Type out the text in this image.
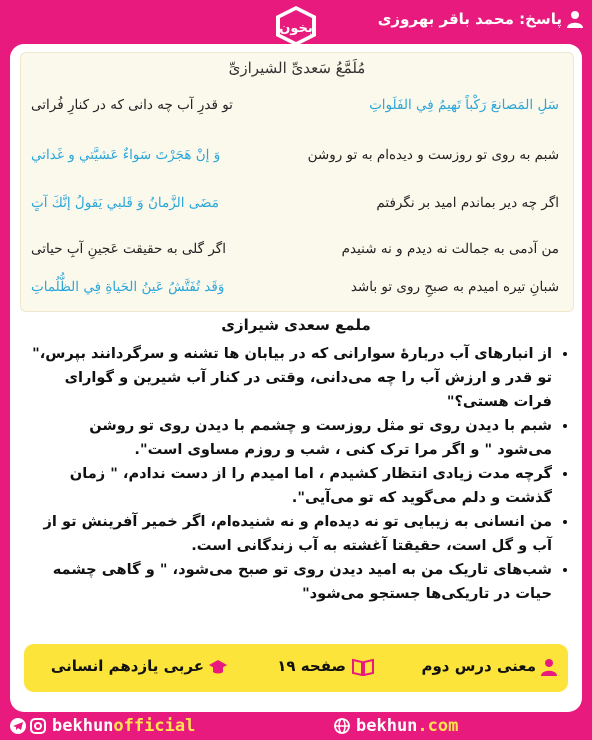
پاسخ: محمد باقر بهروزی
بخون
مُلَمَّعُ سَعدیِّ الشیرازیِّ
سَلِ المَصانعَ رَکْباً تَهیمُ فِي الفَلَواتِ
تو قدرِ آب چه دانی که در کنارِ فُراتی
شبم به روی تو روزست و دیده‌ام به تو روشن
وَ إنْ هَجَرْتَ سَواءٌ عَشيَّتي و غَداتي
اگر چه دیر بماندم امید بر نگرفتم
مَضَى الزَّمانُ وَ قَلبي يَقولُ إنَّكَ آتٍ
من آدمی به جمالت نه دیدم و نه شنیدم
اگر گلی به حقیقت عَجينِ آبِ حیاتی
شبانِ تیره امیدم به صبحِ روی تو باشد
وَقَد تُفَتَّشُ عَينُ الحَياةِ فِي الظُّلُماتِ
ملمع سعدی شیرازی
• از انبارهای آب دربارهٔ سوارانی که در بیابان ها تشنه و سرگردانند بپرس،" تو قدر و ارزش آب را چه می‌دانی، وقتی در کنار آب شیرین و گوارای فرات هستی؟"
• شبم با دیدن روی تو مثل روزست و چشمم با دیدن روی تو روشن می‌شود " و اگر مرا ترک کنی ، شب و روزم مساوی است".
• گرچه مدت زیادی انتظار کشیدم ، اما امیدم را از دست ندادم، " زمان گذشت و دلم می‌گوید که تو می‌آیی".
• من انسانی به زیبایی تو نه دیده‌ام و نه شنیده‌ام، اگر خمیر آفرینش تو از آب و گل است، حقیقتا آغشته به آب زندگانی است.
• شب‌های تاریک من به امید دیدن روی تو صبح می‌شود، " و گاهی چشمه حیات در تاریکی‌ها جستجو می‌شود"
معنی درس دوم
صفحه ۱۹
عربی یازدهم انسانی
bekhunofficial	bekhun.com
